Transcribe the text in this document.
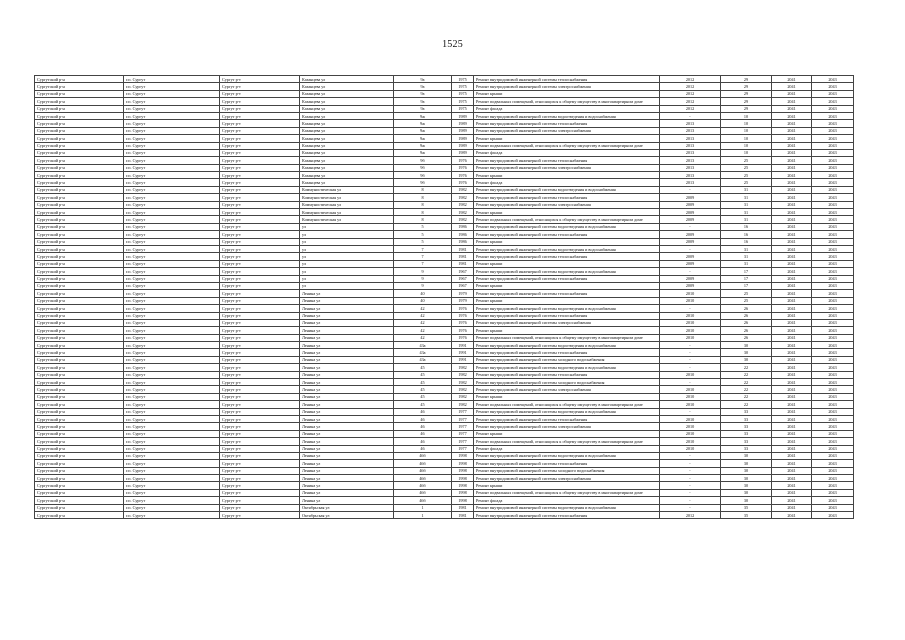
1525
Сургутский р-н	г.п. Сургут	Сургут р-т	Казанцева ул	9а	1975	Ремонт внутридомовой инженерной системы теплоснабжения	2012	29	2041	2043
Сургутский р-н	г.п. Сургут	Сургут р-т	Казанцева ул	9а	1975	Ремонт внутридомовой инженерной системы электроснабжения	2012	29	2041	2043
Сургутский р-н	г.п. Сургут	Сургут р-т	Казанцева ул	9а	1975	Ремонт крыши	2012	29	2041	2043
Сургутский р-н	г.п. Сургут	Сургут р-т	Казанцева ул	9а	1975	Ремонт подвальных помещений, относящихся к общему имуществу в многоквартирном доме	2012	29	2041	2043
Сургутский р-н	г.п. Сургут	Сургут р-т	Казанцева ул	9а	1975	Ремонт фасада	2012	29	2041	2043
Сургутский р-н	г.п. Сургут	Сургут р-т	Казанцева ул	9ж	1989	Ремонт внутридомовой инженерной системы водоотведения и водоснабжения	-	10	2041	2043
Сургутский р-н	г.п. Сургут	Сургут р-т	Казанцева ул	9ж	1989	Ремонт внутридомовой инженерной системы теплоснабжения	2013	10	2041	2043
Сургутский р-н	г.п. Сургут	Сургут р-т	Казанцева ул	9ж	1989	Ремонт внутридомовой инженерной системы электроснабжения	2013	10	2041	2043
Сургутский р-н	г.п. Сургут	Сургут р-т	Казанцева ул	9ж	1989	Ремонт крыши	2013	10	2041	2043
Сургутский р-н	г.п. Сургут	Сургут р-т	Казанцева ул	9ж	1989	Ремонт подвальных помещений, относящихся к общему имуществу в многоквартирном доме	2013	10	2041	2043
Сургутский р-н	г.п. Сургут	Сургут р-т	Казанцева ул	9ж	1989	Ремонт фасада	2013	10	2041	2043
Сургутский р-н	г.п. Сургут	Сургут р-т	Казанцева ул	9б	1976	Ремонт внутридомовой инженерной системы теплоснабжения	2013	25	2041	2043
Сургутский р-н	г.п. Сургут	Сургут р-т	Казанцева ул	9б	1976	Ремонт внутридомовой инженерной системы электроснабжения	2013	25	2041	2043
Сургутский р-н	г.п. Сургут	Сургут р-т	Казанцева ул	9б	1976	Ремонт крыши	2013	25	2041	2043
Сургутский р-н	г.п. Сургут	Сургут р-т	Казанцева ул	9б	1976	Ремонт фасада	2013	25	2041	2043
Сургутский р-н	г.п. Сургут	Сургут р-т	Коммунистическая ул	8	1982	Ремонт внутридомовой инженерной системы водоотведения и водоснабжения	-	31	2041	2043
Сургутский р-н	г.п. Сургут	Сургут р-т	Коммунистическая ул	8	1982	Ремонт внутридомовой инженерной системы теплоснабжения	2009	31	2041	2043
Сургутский р-н	г.п. Сургут	Сургут р-т	Коммунистическая ул	8	1982	Ремонт внутридомовой инженерной системы электроснабжения	2009	31	2041	2043
Сургутский р-н	г.п. Сургут	Сургут р-т	Коммунистическая ул	8	1982	Ремонт крыши	2009	31	2041	2043
Сургутский р-н	г.п. Сургут	Сургут р-т	Коммунистическая ул	8	1982	Ремонт подвальных помещений, относящихся к общему имуществу в многоквартирном доме	2009	31	2041	2043
Сургутский р-н	г.п. Сургут	Сургут р-т	ул	5	1986	Ремонт внутридомовой инженерной системы водоотведения и водоснабжения	-	16	2041	2043
Сургутский р-н	г.п. Сургут	Сургут р-т	ул	5	1986	Ремонт внутридомовой инженерной системы теплоснабжения	2009	16	2041	2043
Сургутский р-н	г.п. Сургут	Сургут р-т	ул	5	1986	Ремонт крыши	2009	16	2041	2043
Сургутский р-н	г.п. Сургут	Сургут р-т	ул	7	1981	Ремонт внутридомовой инженерной системы водоотведения и водоснабжения	-	31	2041	2043
Сургутский р-н	г.п. Сургут	Сургут р-т	ул	7	1981	Ремонт внутридомовой инженерной системы теплоснабжения	2009	31	2041	2043
Сургутский р-н	г.п. Сургут	Сургут р-т	ул	7	1981	Ремонт крыши	2009	31	2041	2043
Сургутский р-н	г.п. Сургут	Сургут р-т	ул	9	1967	Ремонт внутридомовой инженерной системы водоотведения и водоснабжения	-	17	2041	2043
Сургутский р-н	г.п. Сургут	Сургут р-т	ул	9	1967	Ремонт внутридомовой инженерной системы теплоснабжения	2009	17	2041	2043
Сургутский р-н	г.п. Сургут	Сургут р-т	ул	9	1967	Ремонт крыши	2009	17	2041	2043
Сургутский р-н	г.п. Сургут	Сургут р-т	Ленина ул	40	1979	Ремонт внутридомовой инженерной системы теплоснабжения	2010	25	2041	2043
Сургутский р-н	г.п. Сургут	Сургут р-т	Ленина ул	40	1979	Ремонт крыши	2010	25	2041	2043
Сургутский р-н	г.п. Сургут	Сургут р-т	Ленина ул	42	1976	Ремонт внутридомовой инженерной системы водоотведения и водоснабжения	-	26	2041	2043
Сургутский р-н	г.п. Сургут	Сургут р-т	Ленина ул	42	1976	Ремонт внутридомовой инженерной системы теплоснабжения	2010	26	2041	2043
Сургутский р-н	г.п. Сургут	Сургут р-т	Ленина ул	42	1976	Ремонт внутридомовой инженерной системы электроснабжения	2010	26	2041	2043
Сургутский р-н	г.п. Сургут	Сургут р-т	Ленина ул	42	1976	Ремонт крыши	2010	26	2041	2043
Сургутский р-н	г.п. Сургут	Сургут р-т	Ленина ул	42	1976	Ремонт подвальных помещений, относящихся к общему имуществу в многоквартирном доме	2010	26	2041	2043
Сургутский р-н	г.п. Сургут	Сургут р-т	Ленина ул	43а	1991	Ремонт внутридомовой инженерной системы водоотведения и водоснабжения	-	30	2041	2043
Сургутский р-н	г.п. Сургут	Сургут р-т	Ленина ул	43а	1991	Ремонт внутридомовой инженерной системы теплоснабжения	-	30	2041	2043
Сургутский р-н	г.п. Сургут	Сургут р-т	Ленина ул	43а	1991	Ремонт внутридомовой инженерной системы холодного водоснабжения	-	30	2041	2043
Сургутский р-н	г.п. Сургут	Сургут р-т	Ленина ул	45	1982	Ремонт внутридомовой инженерной системы водоотведения и водоснабжения	-	22	2041	2043
Сургутский р-н	г.п. Сургут	Сургут р-т	Ленина ул	45	1982	Ремонт внутридомовой инженерной системы теплоснабжения	2010	22	2041	2043
Сургутский р-н	г.п. Сургут	Сургут р-т	Ленина ул	45	1982	Ремонт внутридомовой инженерной системы холодного водоснабжения	-	22	2041	2043
Сургутский р-н	г.п. Сургут	Сургут р-т	Ленина ул	45	1982	Ремонт внутридомовой инженерной системы электроснабжения	2010	22	2041	2043
Сургутский р-н	г.п. Сургут	Сургут р-т	Ленина ул	45	1982	Ремонт крыши	2010	22	2041	2043
Сургутский р-н	г.п. Сургут	Сургут р-т	Ленина ул	45	1982	Ремонт подвальных помещений, относящихся к общему имуществу в многоквартирном доме	2010	22	2041	2043
Сургутский р-н	г.п. Сургут	Сургут р-т	Ленина ул	46	1977	Ремонт внутридомовой инженерной системы водоотведения и водоснабжения	-	33	2041	2043
Сургутский р-н	г.п. Сургут	Сургут р-т	Ленина ул	46	1977	Ремонт внутридомовой инженерной системы теплоснабжения	2010	33	2041	2043
Сургутский р-н	г.п. Сургут	Сургут р-т	Ленина ул	46	1977	Ремонт внутридомовой инженерной системы электроснабжения	2010	33	2041	2043
Сургутский р-н	г.п. Сургут	Сургут р-т	Ленина ул	46	1977	Ремонт крыши	2010	33	2041	2043
Сургутский р-н	г.п. Сургут	Сургут р-т	Ленина ул	46	1977	Ремонт подвальных помещений, относящихся к общему имуществу в многоквартирном доме	2010	33	2041	2043
Сургутский р-н	г.п. Сургут	Сургут р-т	Ленина ул	46	1977	Ремонт фасада	2010	33	2041	2043
Сургутский р-н	г.п. Сургут	Сургут р-т	Ленина ул	46б	1998	Ремонт внутридомовой инженерной системы водоотведения и водоснабжения	-	30	2041	2043
Сургутский р-н	г.п. Сургут	Сургут р-т	Ленина ул	46б	1998	Ремонт внутридомовой инженерной системы теплоснабжения	-	30	2041	2043
Сургутский р-н	г.п. Сургут	Сургут р-т	Ленина ул	46б	1998	Ремонт внутридомовой инженерной системы холодного водоснабжения	-	30	2041	2043
Сургутский р-н	г.п. Сургут	Сургут р-т	Ленина ул	46б	1998	Ремонт внутридомовой инженерной системы электроснабжения	-	30	2041	2043
Сургутский р-н	г.п. Сургут	Сургут р-т	Ленина ул	46б	1998	Ремонт крыши	-	30	2041	2043
Сургутский р-н	г.п. Сургут	Сургут р-т	Ленина ул	46б	1998	Ремонт подвальных помещений, относящихся к общему имуществу в многоквартирном доме	-	30	2041	2043
Сургутский р-н	г.п. Сургут	Сургут р-т	Ленина ул	46б	1998	Ремонт фасада	-	30	2041	2043
Сургутский р-н	г.п. Сургут	Сургут р-т	Октябрьская ул	1	1981	Ремонт внутридомовой инженерной системы водоотведения и водоснабжения	-	35	2041	2043
Сургутский р-н	г.п. Сургут	Сургут р-т	Октябрьская ул	1	1981	Ремонт внутридомовой инженерной системы теплоснабжения	2012	35	2041	2043
